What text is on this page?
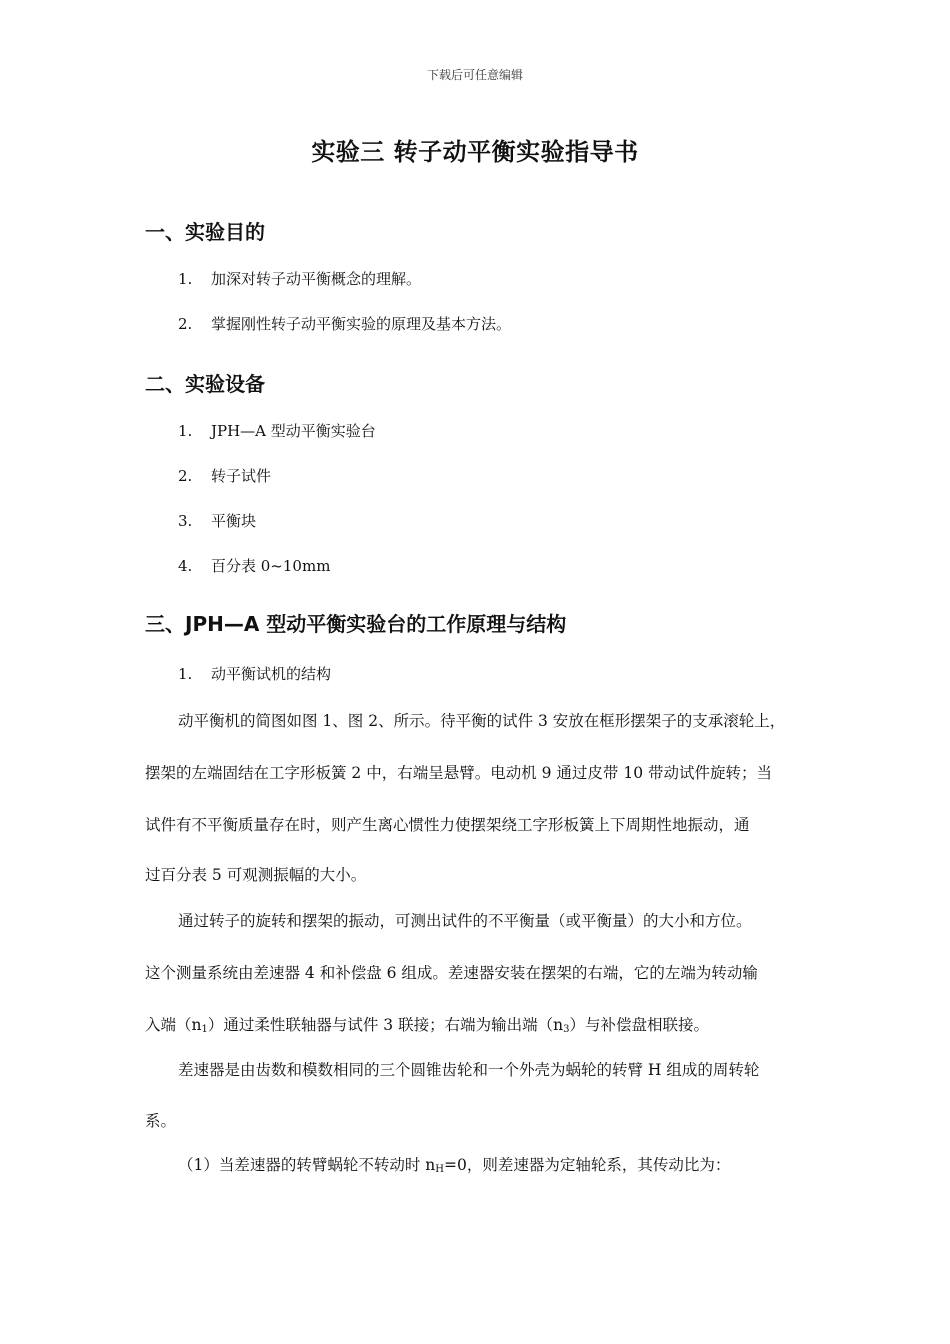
下载后可任意编辑
实验三 转子动平衡实验指导书
一、实验目的
1. 加深对转子动平衡概念的理解。
2. 掌握刚性转子动平衡实验的原理及基本方法。
二、实验设备
1. JPH—A 型动平衡实验台
2. 转子试件
3. 平衡块
4. 百分表 0~10mm
三、JPH—A 型动平衡实验台的工作原理与结构
1. 动平衡试机的结构
动平衡机的简图如图 1、图 2、所示。待平衡的试件 3 安放在框形摆架子的支承滚轮上，
摆架的左端固结在工字形板簧 2 中，右端呈悬臂。电动机 9 通过皮带 10 带动试件旋转；当
试件有不平衡质量存在时，则产生离心惯性力使摆架绕工字形板簧上下周期性地振动，通
过百分表 5 可观测振幅的大小。
通过转子的旋转和摆架的振动，可测出试件的不平衡量（或平衡量）的大小和方位。
这个测量系统由差速器 4 和补偿盘 6 组成。差速器安装在摆架的右端，它的左端为转动输
入端$(n_1)$通过柔性联轴器与试件 3 联接；右端为输出端$(n_3)$与补偿盘相联接。
差速器是由齿数和模数相同的三个圆锥齿轮和一个外壳为蜗轮的转臂 H 组成的周转轮
系。
（1）当差速器的转臂蜗轮不转动时 $n_H=0$，则差速器为定轴轮系，其传动比为：
